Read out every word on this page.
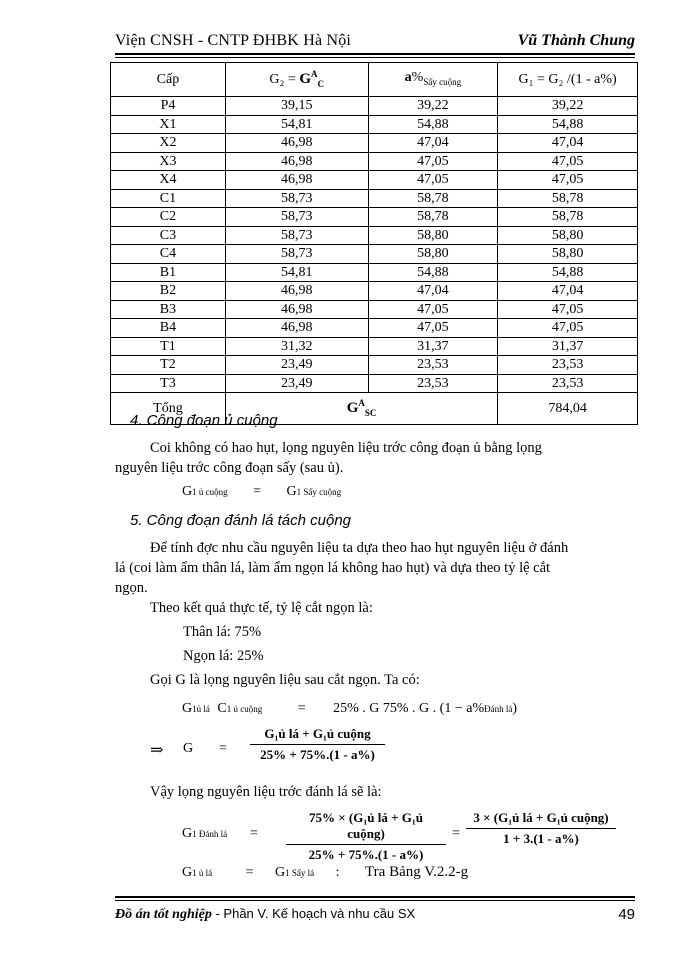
Viện CNSH - CNTP ĐHBK Hà Nội	Vũ Thành Chung
Cấp	$G_2 = G^A_C$	$a\%_{Sấy cuộng}$	G₁ = G₂ /(1 - a%)
P4	39,15	39,22	39,22
X1	54,81	54,88	54,88
X2	46,98	47,04	47,04
X3	46,98	47,05	47,05
X4	46,98	47,05	47,05
C1	58,73	58,78	58,78
C2	58,73	58,78	58,78
C3	58,73	58,80	58,80
C4	58,73	58,80	58,80
B1	54,81	54,88	54,88
B2	46,98	47,04	47,04
B3	46,98	47,05	47,05
B4	46,98	47,05	47,05
T1	31,32	31,37	31,37
T2	23,49	23,53	23,53
T3	23,49	23,53	23,53
Tổng	$G^A_{SC}$		784,04
4. Công đoạn ủ cuộng
Coi không có hao hụt, lọng nguyên liệu trớc công đoạn ủ bằng lọng
nguyên liệu trớc công đoạn sấy (sau ủ).
G1 ủ cuộng = G1 Sấy cuộng
5. Công đoạn đánh lá tách cuộng
Để tính đợc nhu cầu nguyên liệu ta dựa theo hao hụt nguyên liệu ở đánh
lá (coi làm ẩm thân lá, làm ẩm ngọn lá không hao hụt) và dựa theo tỷ lệ cắt
ngọn.
Theo kết quả thực tế, tỷ lệ cắt ngọn là:
Thân lá: 75%
Ngọn lá: 25%
Gọi G là lọng nguyên liệu sau cắt ngọn. Ta có:
G1ủ lá C1 ủ cuộng	= 25% . G 75% . G . (1 − a%Đánh lá)
⇒ G =
G₁ủ lá + G₁ủ cuộng
25% + 75%.(1 - a%)
Vậy lọng nguyên liệu trớc đánh lá sẽ là:
G1 Đánh lá =
75% × (G₁ủ lá + G₁ủ cuộng)
25% + 75%.(1 - a%)
=
3 × (G₁ủ lá + G₁ủ cuộng)
1 + 3.(1 - a%)
G1 ủ lá = G1 Sấy lá : Tra Bảng V.2.2-g
Đồ án tốt nghiệp - Phần V. Kế hoạch và nhu cầu SX	49
